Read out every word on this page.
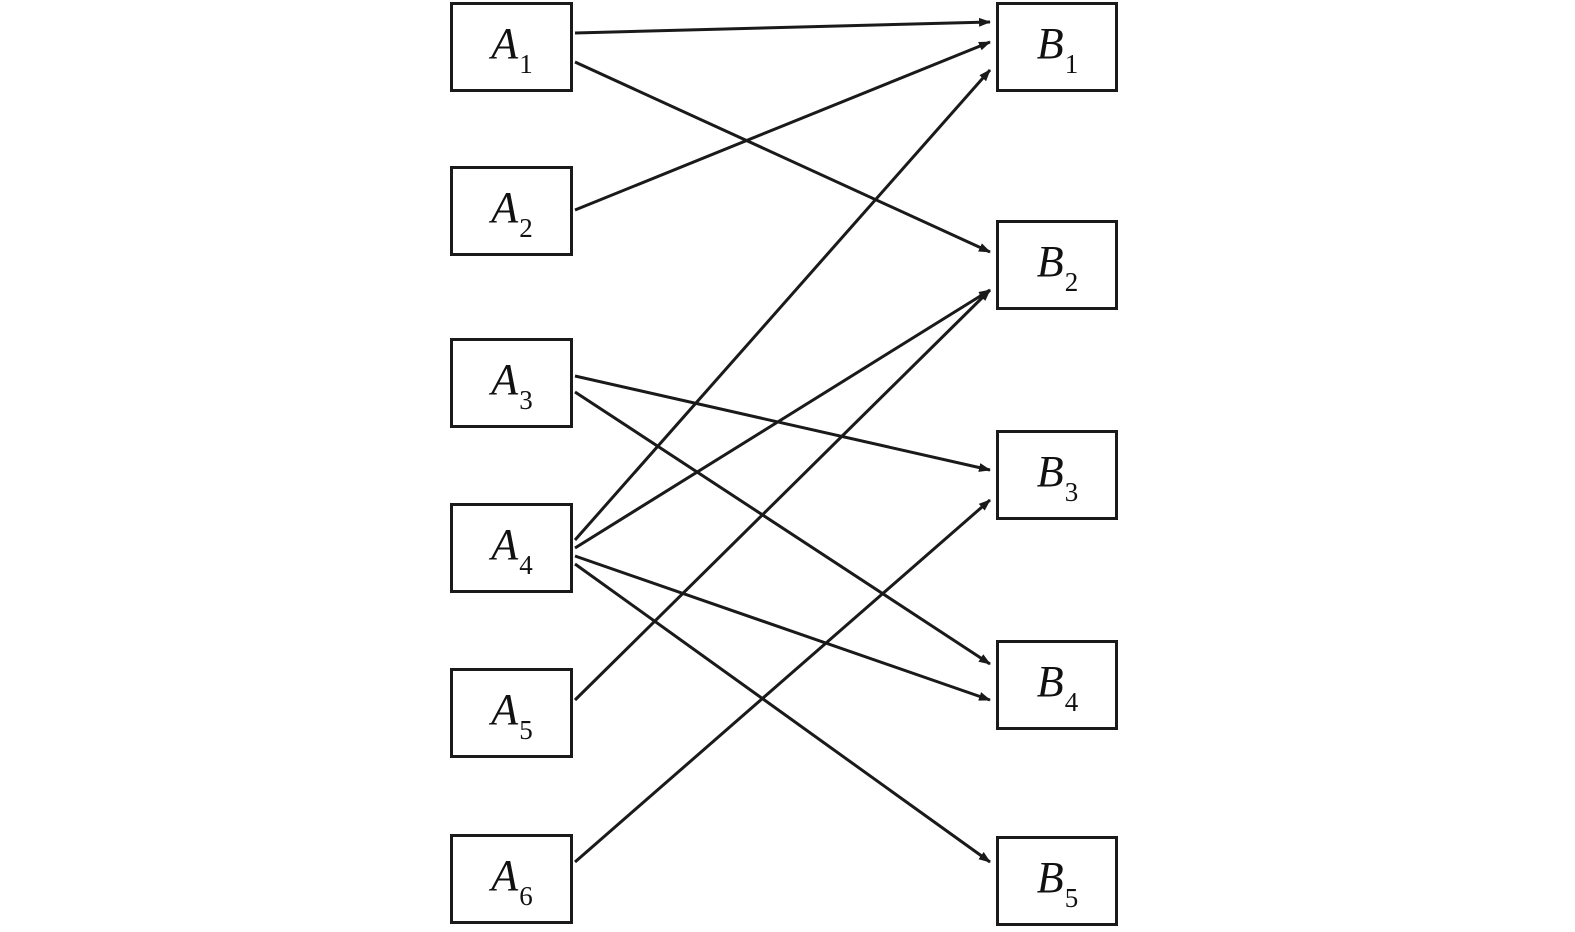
$A_1$
$A_2$
$A_3$
$A_4$
$A_5$
$A_6$
$B_1$
$B_2$
$B_3$
$B_4$
$B_5$
